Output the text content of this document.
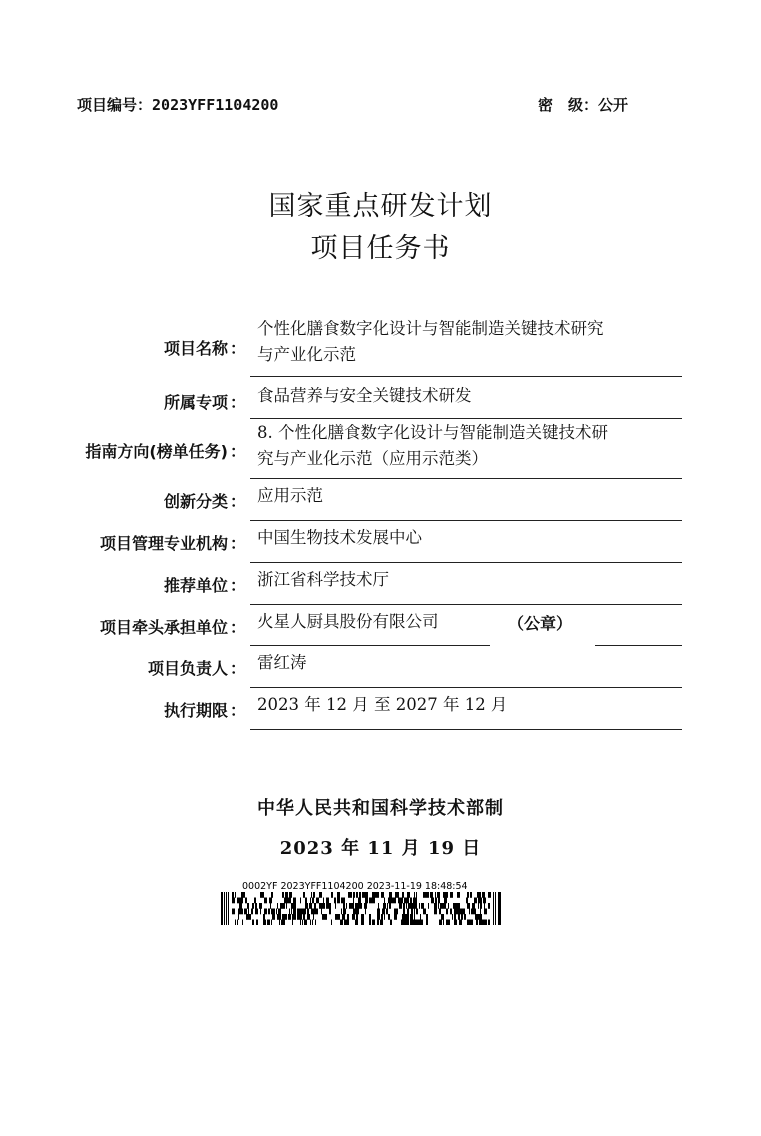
项目编号：2023YFF1104200	密　级：公开
国家重点研发计划
项目任务书
项目名称 ：
个性化膳食数字化设计与智能制造关键技术研究
与产业化示范
所属专项 ： 食品营养与安全关键技术研发
指南方向(榜单任务) ：
8. 个性化膳食数字化设计与智能制造关键技术研
究与产业化示范（应用示范类）
创新分类 ： 应用示范
项目管理专业机构 ： 中国生物技术发展中心
推荐单位 ： 浙江省科学技术厅
项目牵头承担单位 ： 火星人厨具股份有限公司	（公章）
项目负责人 ： 雷红涛
执行期限 ： 2023 年 12 月 至 2027 年 12 月
中华人民共和国科学技术部制
2023 年 11 月 19 日
0002YF 2023YFF1104200 2023-11-19 18:48:54
